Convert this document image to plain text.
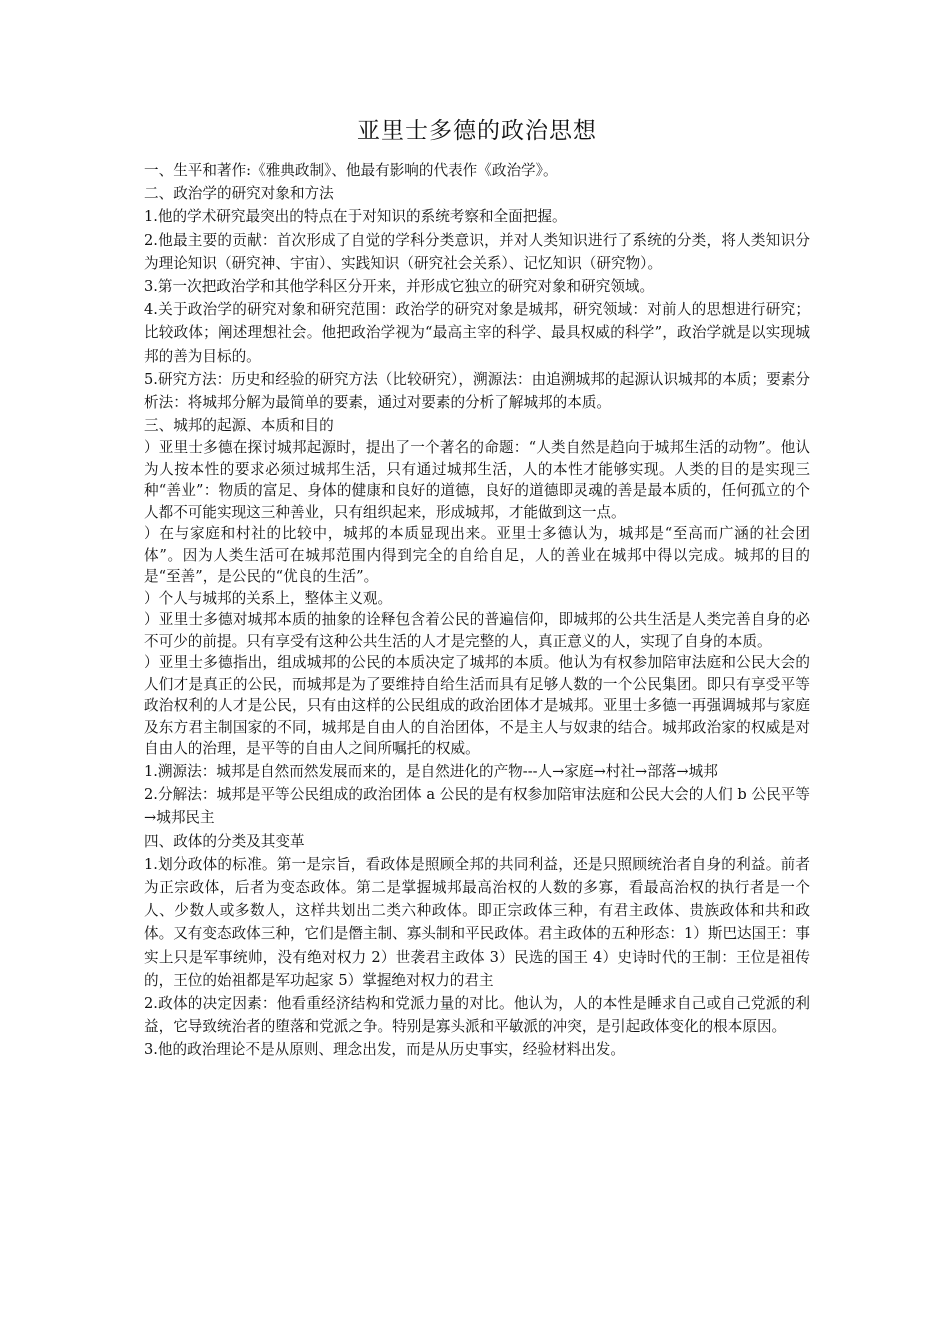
亚里士多德的政治思想

一、生平和著作:《雅典政制》、他最有影响的代表作《政治学》。

二、政治学的研究对象和方法

1.他的学术研究最突出的特点在于对知识的系统考察和全面把握。

2.他最主要的贡献：首次形成了自觉的学科分类意识，并对人类知识进行了系统的分类，将人类知识分为理论知识（研究神、宇宙）、实践知识（研究社会关系）、记忆知识（研究物）。

3.第一次把政治学和其他学科区分开来，并形成它独立的研究对象和研究领域。

4.关于政治学的研究对象和研究范围：政治学的研究对象是城邦，研究领域：对前人的思想进行研究；比较政体；阐述理想社会。他把政治学视为“最高主宰的科学、最具权威的科学”，政治学就是以实现城邦的善为目标的。

5.研究方法：历史和经验的研究方法（比较研究），溯源法：由追溯城邦的起源认识城邦的本质；要素分析法：将城邦分解为最简单的要素，通过对要素的分析了解城邦的本质。

三、城邦的起源、本质和目的

）亚里士多德在探讨城邦起源时，提出了一个著名的命题：“人类自然是趋向于城邦生活的动物”。他认为人按本性的要求必须过城邦生活，只有通过城邦生活，人的本性才能够实现。人类的目的是实现三种“善业”：物质的富足、身体的健康和良好的道德，良好的道德即灵魂的善是最本质的，任何孤立的个人都不可能实现这三种善业，只有组织起来，形成城邦，才能做到这一点。

）在与家庭和村社的比较中，城邦的本质显现出来。亚里士多德认为，城邦是“至高而广涵的社会团体”。因为人类生活可在城邦范围内得到完全的自给自足，人的善业在城邦中得以完成。城邦的目的是“至善”，是公民的“优良的生活”。

）个人与城邦的关系上，整体主义观。

）亚里士多德对城邦本质的抽象的诠释包含着公民的普遍信仰，即城邦的公共生活是人类完善自身的必不可少的前提。只有享受有这种公共生活的人才是完整的人，真正意义的人，实现了自身的本质。

）亚里士多德指出，组成城邦的公民的本质决定了城邦的本质。他认为有权参加陪审法庭和公民大会的人们才是真正的公民，而城邦是为了要维持自给生活而具有足够人数的一个公民集团。即只有享受平等政治权利的人才是公民，只有由这样的公民组成的政治团体才是城邦。亚里士多德一再强调城邦与家庭及东方君主制国家的不同，城邦是自由人的自治团体，不是主人与奴隶的结合。城邦政治家的权威是对自由人的治理，是平等的自由人之间所嘱托的权威。

1.溯源法：城邦是自然而然发展而来的，是自然进化的产物---人→家庭→村社→部落→城邦

2.分解法：城邦是平等公民组成的政治团体 a 公民的是有权参加陪审法庭和公民大会的人们 b 公民平等→城邦民主

四、政体的分类及其变革

1.划分政体的标准。第一是宗旨，看政体是照顾全邦的共同利益，还是只照顾统治者自身的利益。前者为正宗政体，后者为变态政体。第二是掌握城邦最高治权的人数的多寡，看最高治权的执行者是一个人、少数人或多数人，这样共划出二类六种政体。即正宗政体三种，有君主政体、贵族政体和共和政体。又有变态政体三种，它们是僭主制、寡头制和平民政体。君主政体的五种形态：1）斯巴达国王：事实上只是军事统帅，没有绝对权力 2）世袭君主政体 3）民选的国王 4）史诗时代的王制：王位是祖传的，王位的始祖都是军功起家 5）掌握绝对权力的君主

2.政体的决定因素：他看重经济结构和党派力量的对比。他认为，人的本性是睡求自己或自己党派的利益，它导致统治者的堕落和党派之争。特别是寡头派和平敏派的冲突，是引起政体变化的根本原因。

3.他的政治理论不是从原则、理念出发，而是从历史事实，经验材料出发。
